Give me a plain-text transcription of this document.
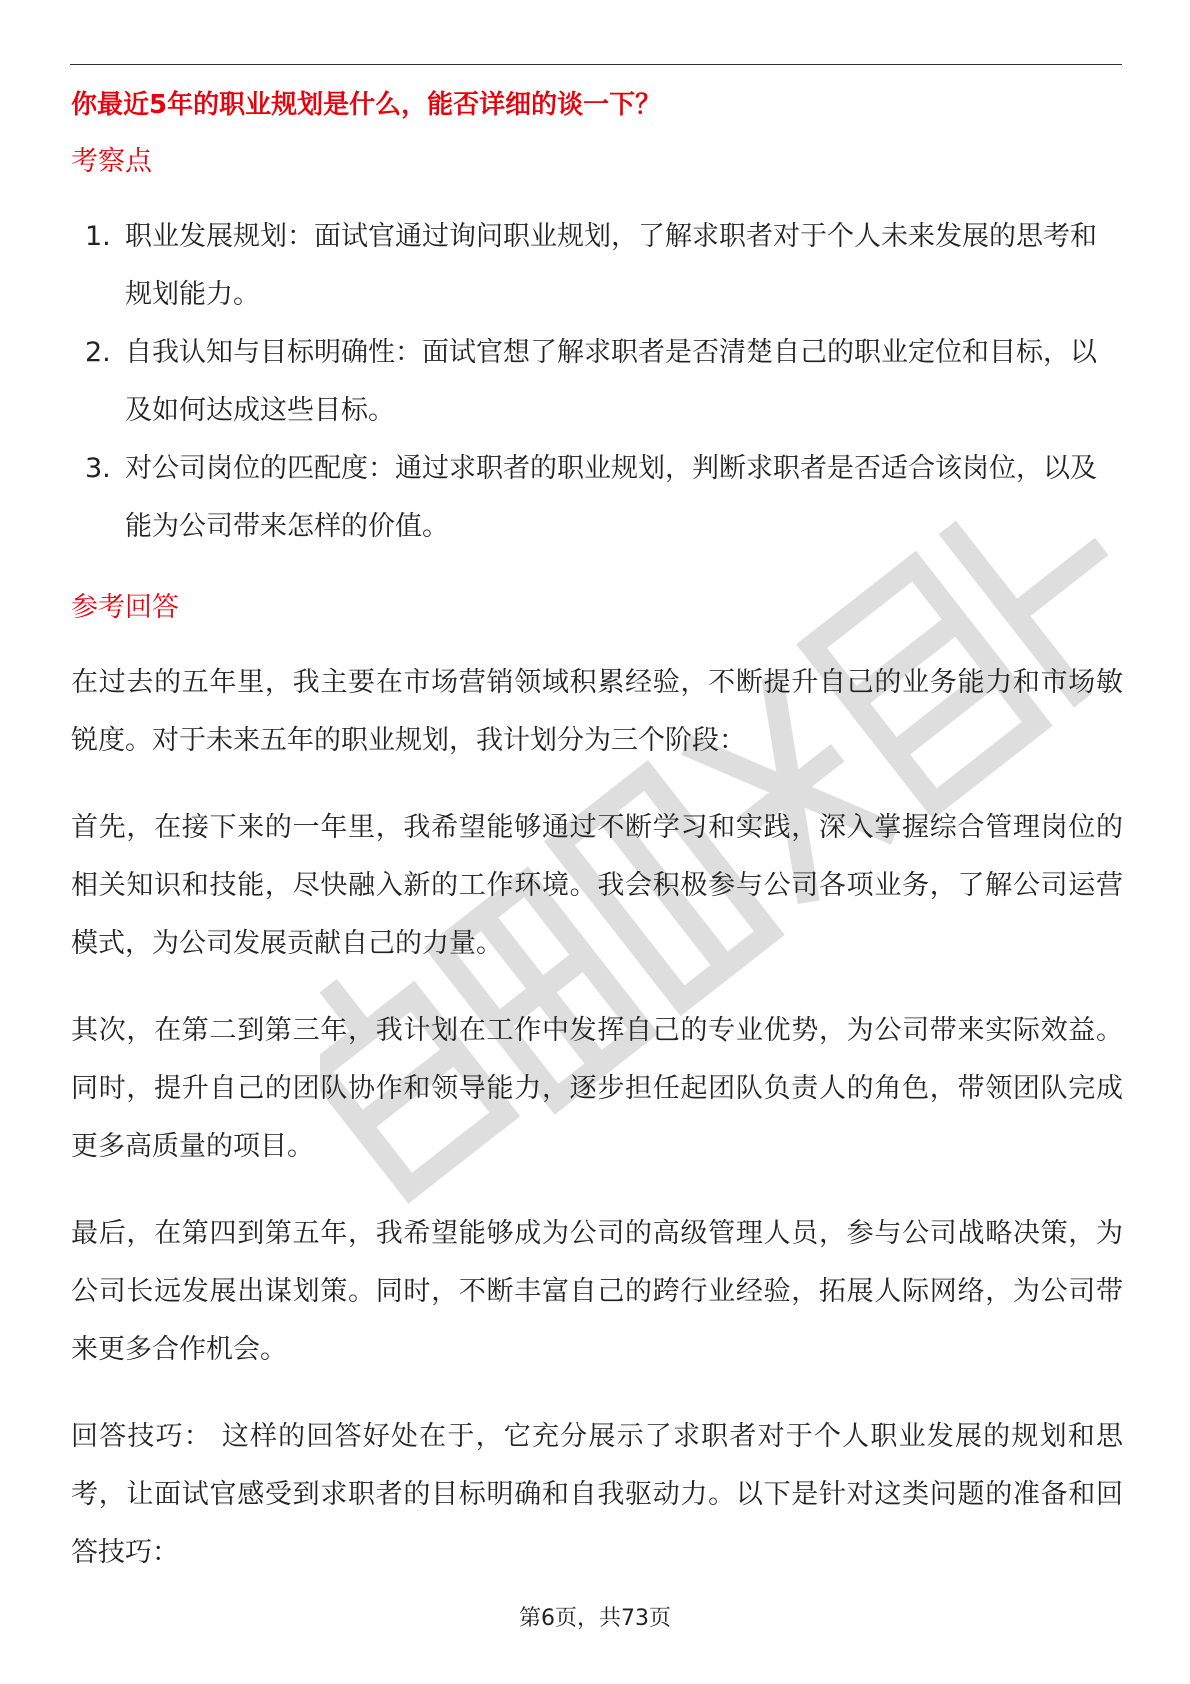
你最近5年的职业规划是什么，能否详细的谈一下？

考察点

1. 职业发展规划：面试官通过询问职业规划，了解求职者对于个人未来发展的思考和规划能力。
2. 自我认知与目标明确性：面试官想了解求职者是否清楚自己的职业定位和目标，以及如何达成这些目标。
3. 对公司岗位的匹配度：通过求职者的职业规划，判断求职者是否适合该岗位，以及能为公司带来怎样的价值。

参考回答

在过去的五年里，我主要在市场营销领域积累经验，不断提升自己的业务能力和市场敏锐度。对于未来五年的职业规划，我计划分为三个阶段：

首先，在接下来的一年里，我希望能够通过不断学习和实践，深入掌握综合管理岗位的相关知识和技能，尽快融入新的工作环境。我会积极参与公司各项业务，了解公司运营模式，为公司发展贡献自己的力量。

其次，在第二到第三年，我计划在工作中发挥自己的专业优势，为公司带来实际效益。同时，提升自己的团队协作和领导能力，逐步担任起团队负责人的角色，带领团队完成更多高质量的项目。

最后，在第四到第五年，我希望能够成为公司的高级管理人员，参与公司战略决策，为公司长远发展出谋划策。同时，不断丰富自己的跨行业经验，拓展人际网络，为公司带来更多合作机会。

回答技巧： 这样的回答好处在于，它充分展示了求职者对于个人职业发展的规划和思考，让面试官感受到求职者的目标明确和自我驱动力。以下是针对这类问题的准备和回答技巧：

第6页，共73页
